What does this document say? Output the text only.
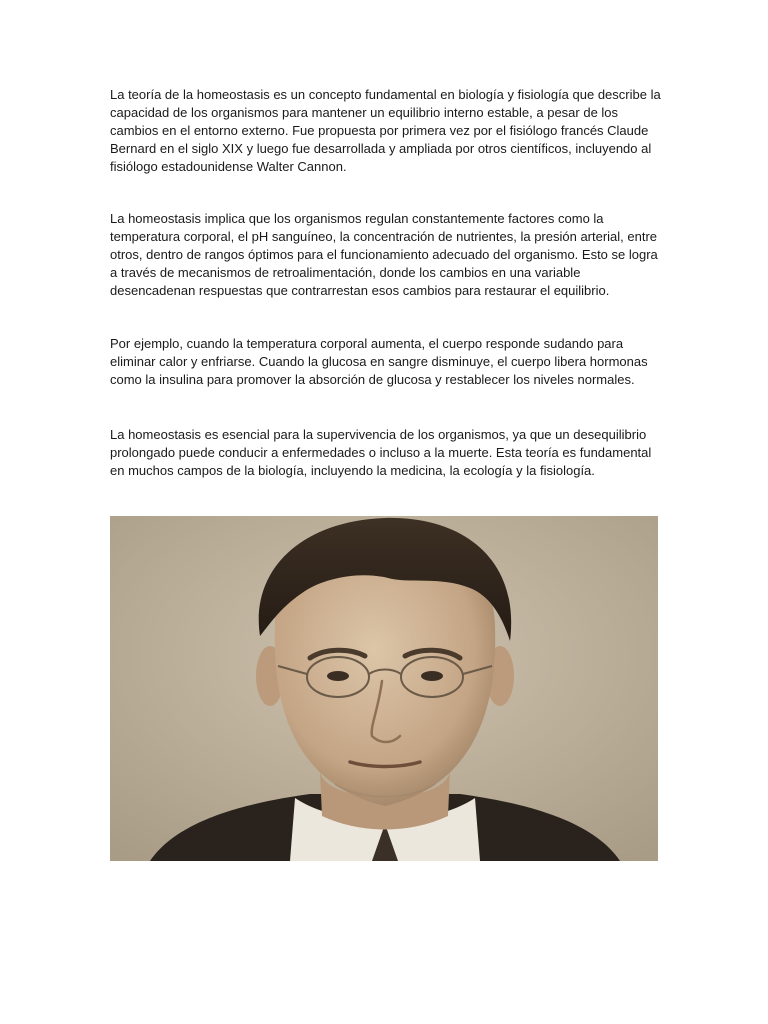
La teoría de la homeostasis es un concepto fundamental en biología y fisiología que describe la capacidad de los organismos para mantener un equilibrio interno estable, a pesar de los cambios en el entorno externo. Fue propuesta por primera vez por el fisiólogo francés Claude Bernard en el siglo XIX y luego fue desarrollada y ampliada por otros científicos, incluyendo al fisiólogo estadounidense Walter Cannon.

La homeostasis implica que los organismos regulan constantemente factores como la temperatura corporal, el pH sanguíneo, la concentración de nutrientes, la presión arterial, entre otros, dentro de rangos óptimos para el funcionamiento adecuado del organismo. Esto se logra a través de mecanismos de retroalimentación, donde los cambios en una variable desencadenan respuestas que contrarrestan esos cambios para restaurar el equilibrio.

Por ejemplo, cuando la temperatura corporal aumenta, el cuerpo responde sudando para eliminar calor y enfriarse. Cuando la glucosa en sangre disminuye, el cuerpo libera hormonas como la insulina para promover la absorción de glucosa y restablecer los niveles normales.

La homeostasis es esencial para la supervivencia de los organismos, ya que un desequilibrio prolongado puede conducir a enfermedades o incluso a la muerte. Esta teoría es fundamental en muchos campos de la biología, incluyendo la medicina, la ecología y la fisiología.
